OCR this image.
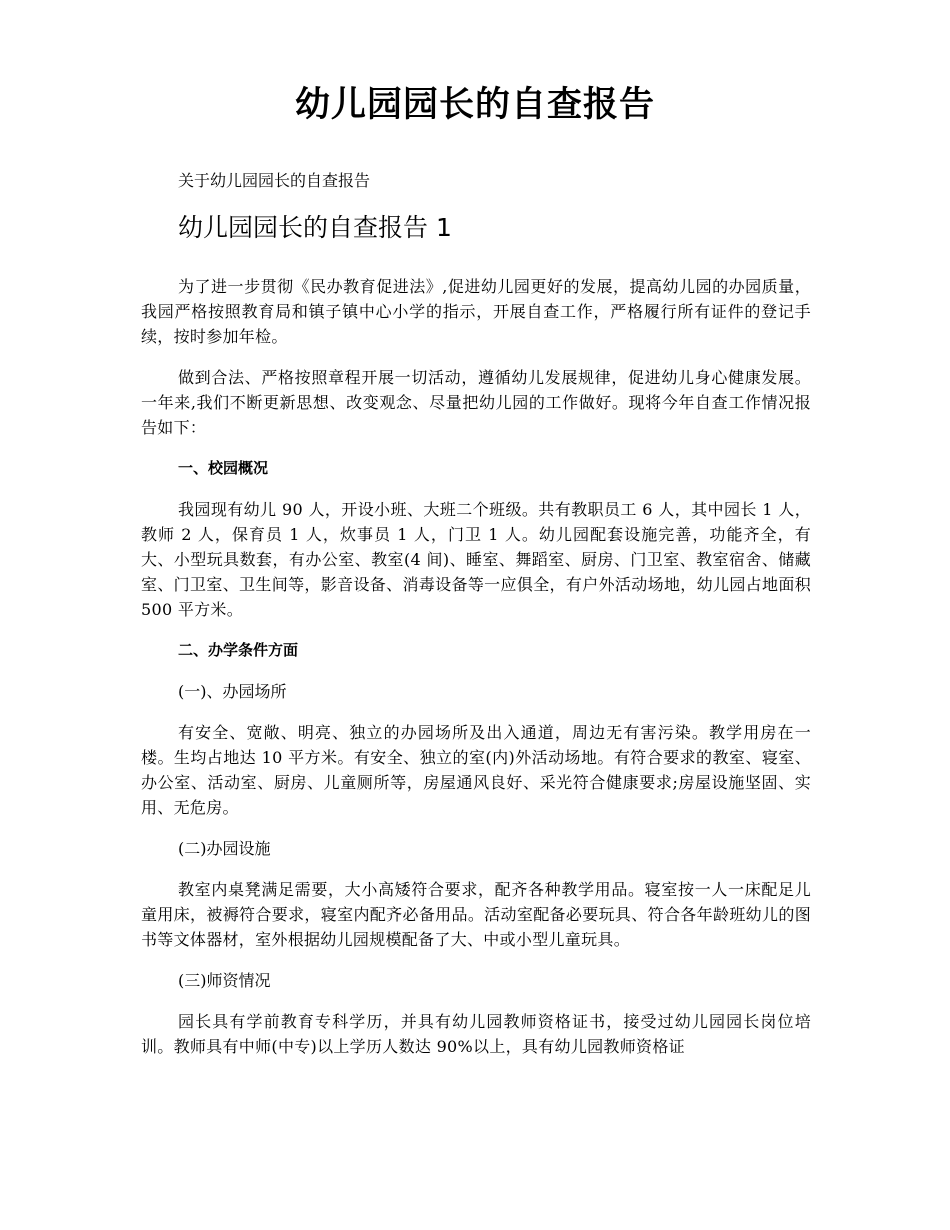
幼儿园园长的自查报告

关于幼儿园园长的自查报告

幼儿园园长的自查报告 1

为了进一步贯彻《民办教育促进法》,促进幼儿园更好的发展，提高幼儿园的办园质量，我园严格按照教育局和镇子镇中心小学的指示，开展自查工作，严格履行所有证件的登记手续，按时参加年检。

做到合法、严格按照章程开展一切活动，遵循幼儿发展规律，促进幼儿身心健康发展。一年来,我们不断更新思想、改变观念、尽量把幼儿园的工作做好。现将今年自查工作情况报告如下：

一、校园概况

我园现有幼儿 90 人，开设小班、大班二个班级。共有教职员工 6 人，其中园长 1 人，教师 2 人，保育员 1 人，炊事员 1 人，门卫 1 人。幼儿园配套设施完善，功能齐全，有大、小型玩具数套，有办公室、教室(4 间)、睡室、舞蹈室、厨房、门卫室、教室宿舍、储藏室、门卫室、卫生间等，影音设备、消毒设备等一应俱全，有户外活动场地，幼儿园占地面积 500 平方米。

二、办学条件方面

(一)、办园场所

有安全、宽敞、明亮、独立的办园场所及出入通道，周边无有害污染。教学用房在一楼。生均占地达 10 平方米。有安全、独立的室(内)外活动场地。有符合要求的教室、寝室、办公室、活动室、厨房、儿童厕所等，房屋通风良好、采光符合健康要求;房屋设施坚固、实用、无危房。

(二)办园设施

教室内桌凳满足需要，大小高矮符合要求，配齐各种教学用品。寝室按一人一床配足儿童用床，被褥符合要求，寝室内配齐必备用品。活动室配备必要玩具、符合各年龄班幼儿的图书等文体器材，室外根据幼儿园规模配备了大、中或小型儿童玩具。

(三)师资情况

园长具有学前教育专科学历，并具有幼儿园教师资格证书，接受过幼儿园园长岗位培训。教师具有中师(中专)以上学历人数达 90%以上，具有幼儿园教师资格证
